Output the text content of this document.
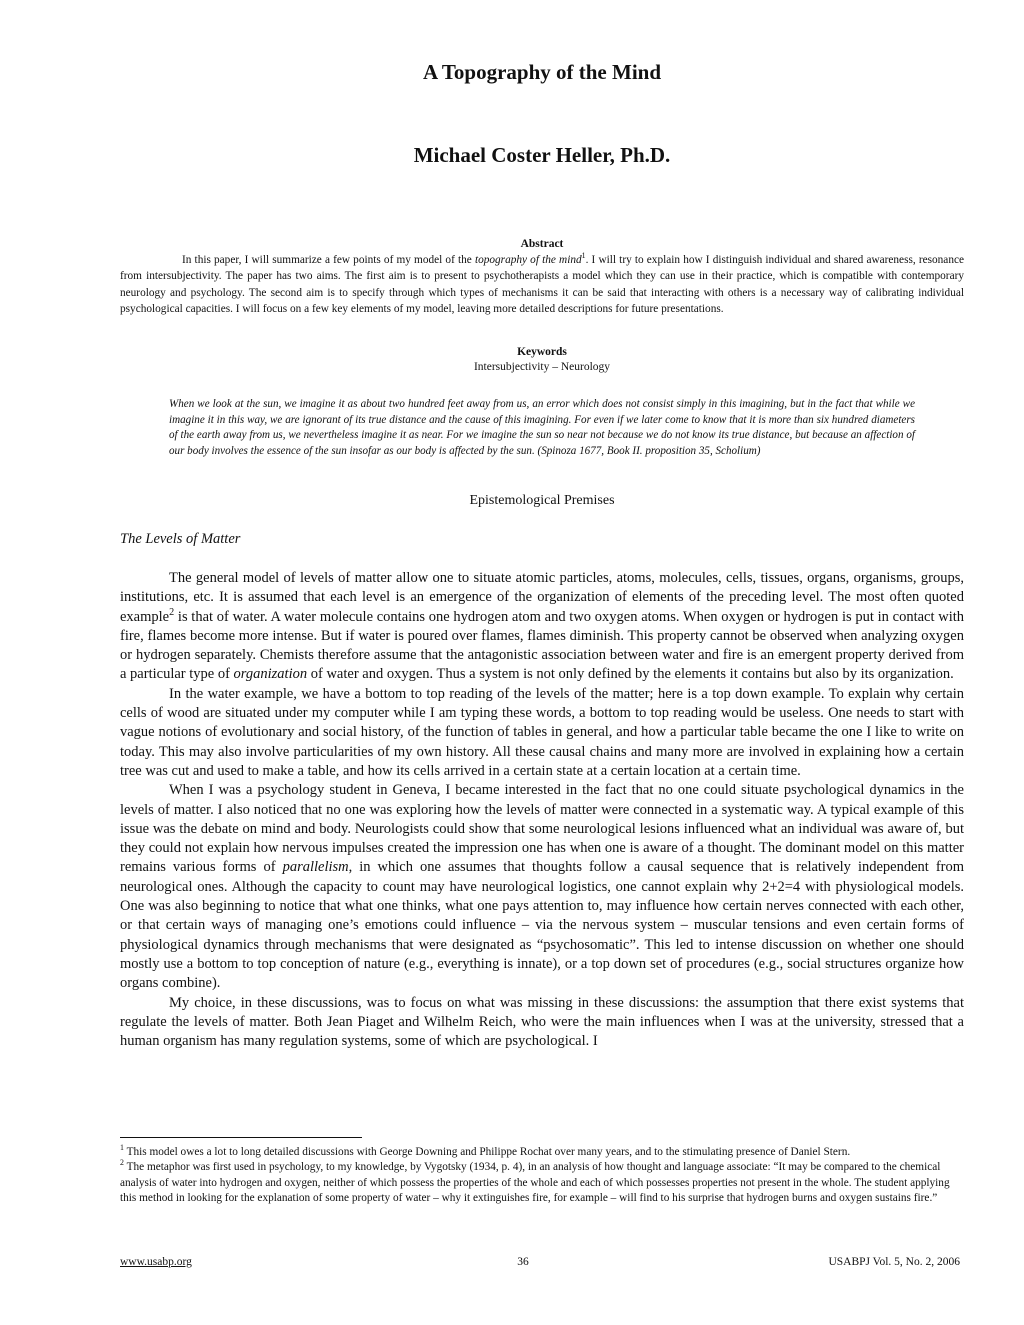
A Topography of the Mind
Michael Coster Heller, Ph.D.
Abstract
In this paper, I will summarize a few points of my model of the topography of the mind$^1$. I will try to explain how I distinguish individual and shared awareness, resonance from intersubjectivity. The paper has two aims. The first aim is to present to psychotherapists a model which they can use in their practice, which is compatible with contemporary neurology and psychology. The second aim is to specify through which types of mechanisms it can be said that interacting with others is a necessary way of calibrating individual psychological capacities. I will focus on a few key elements of my model, leaving more detailed descriptions for future presentations.
Keywords
Intersubjectivity – Neurology
When we look at the sun, we imagine it as about two hundred feet away from us, an error which does not consist simply in this imagining, but in the fact that while we imagine it in this way, we are ignorant of its true distance and the cause of this imagining. For even if we later come to know that it is more than six hundred diameters of the earth away from us, we nevertheless imagine it as near. For we imagine the sun so near not because we do not know its true distance, but because an affection of our body involves the essence of the sun insofar as our body is affected by the sun. (Spinoza 1677, Book II. proposition 35, Scholium)
Epistemological Premises
The Levels of Matter

The general model of levels of matter allow one to situate atomic particles, atoms, molecules, cells, tissues, organs, organisms, groups, institutions, etc. It is assumed that each level is an emergence of the organization of elements of the preceding level. The most often quoted example$^2$ is that of water. A water molecule contains one hydrogen atom and two oxygen atoms. When oxygen or hydrogen is put in contact with fire, flames become more intense. But if water is poured over flames, flames diminish. This property cannot be observed when analyzing oxygen or hydrogen separately. Chemists therefore assume that the antagonistic association between water and fire is an emergent property derived from a particular type of organization of water and oxygen. Thus a system is not only defined by the elements it contains but also by its organization.

In the water example, we have a bottom to top reading of the levels of the matter; here is a top down example. To explain why certain cells of wood are situated under my computer while I am typing these words, a bottom to top reading would be useless. One needs to start with vague notions of evolutionary and social history, of the function of tables in general, and how a particular table became the one I like to write on today. This may also involve particularities of my own history. All these causal chains and many more are involved in explaining how a certain tree was cut and used to make a table, and how its cells arrived in a certain state at a certain location at a certain time.

When I was a psychology student in Geneva, I became interested in the fact that no one could situate psychological dynamics in the levels of matter. I also noticed that no one was exploring how the levels of matter were connected in a systematic way. A typical example of this issue was the debate on mind and body. Neurologists could show that some neurological lesions influenced what an individual was aware of, but they could not explain how nervous impulses created the impression one has when one is aware of a thought. The dominant model on this matter remains various forms of parallelism, in which one assumes that thoughts follow a causal sequence that is relatively independent from neurological ones. Although the capacity to count may have neurological logistics, one cannot explain why 2+2=4 with physiological models. One was also beginning to notice that what one thinks, what one pays attention to, may influence how certain nerves connected with each other, or that certain ways of managing one’s emotions could influence – via the nervous system – muscular tensions and even certain forms of physiological dynamics through mechanisms that were designated as “psychosomatic”. This led to intense discussion on whether one should mostly use a bottom to top conception of nature (e.g., everything is innate), or a top down set of procedures (e.g., social structures organize how organs combine).

My choice, in these discussions, was to focus on what was missing in these discussions: the assumption that there exist systems that regulate the levels of matter. Both Jean Piaget and Wilhelm Reich, who were the main influences when I was at the university, stressed that a human organism has many regulation systems, some of which are psychological. I

$^1$ This model owes a lot to long detailed discussions with George Downing and Philippe Rochat over many years, and to the stimulating presence of Daniel Stern.

$^2$ The metaphor was first used in psychology, to my knowledge, by Vygotsky (1934, p. 4), in an analysis of how thought and language associate: “It may be compared to the chemical analysis of water into hydrogen and oxygen, neither of which possess the properties of the whole and each of which possesses properties not present in the whole. The student applying this method in looking for the explanation of some property of water – why it extinguishes fire, for example – will find to his surprise that hydrogen burns and oxygen sustains fire.”

www.usabp.org	36	USABPJ Vol. 5, No. 2, 2006
